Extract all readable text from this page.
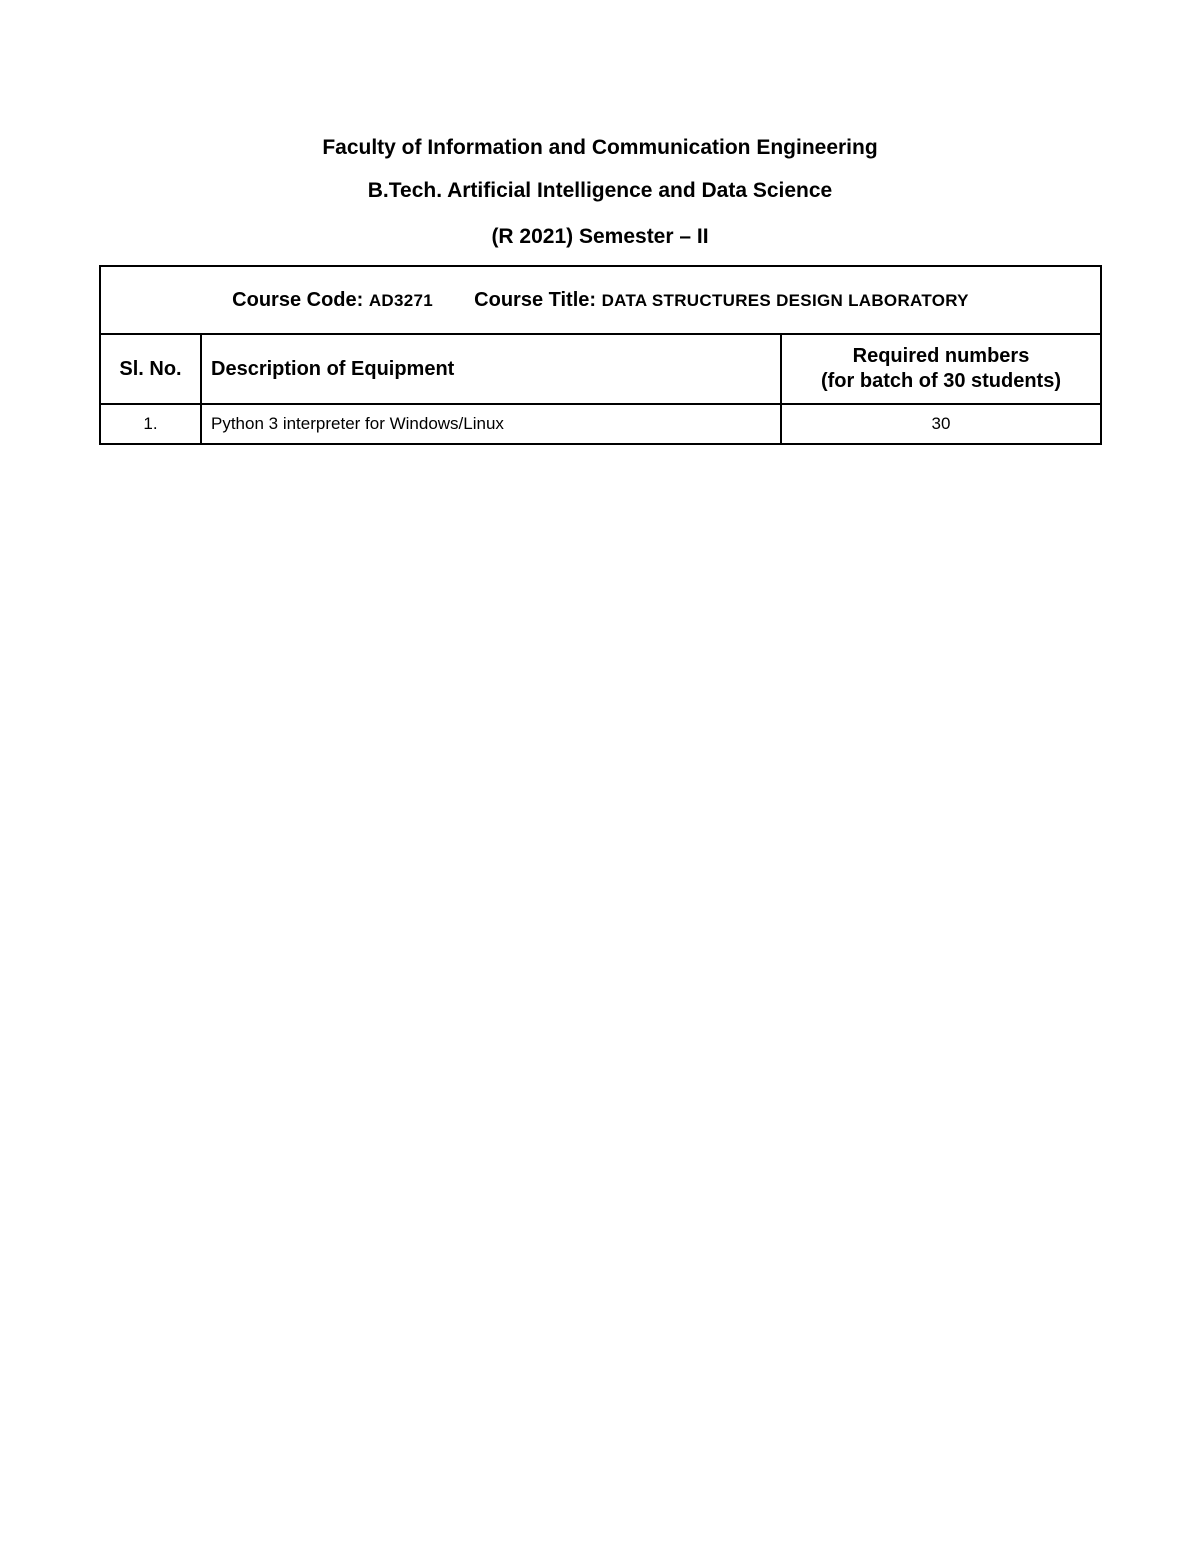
Faculty of Information and Communication Engineering
B.Tech. Artificial Intelligence and Data Science
(R 2021) Semester – II
Course Code: AD3271 Course Title: DATA STRUCTURES DESIGN LABORATORY		
Sl. No.	Description of Equipment	Required numbers
(for batch of 30 students)

1.	Python 3 interpreter for Windows/Linux	30
